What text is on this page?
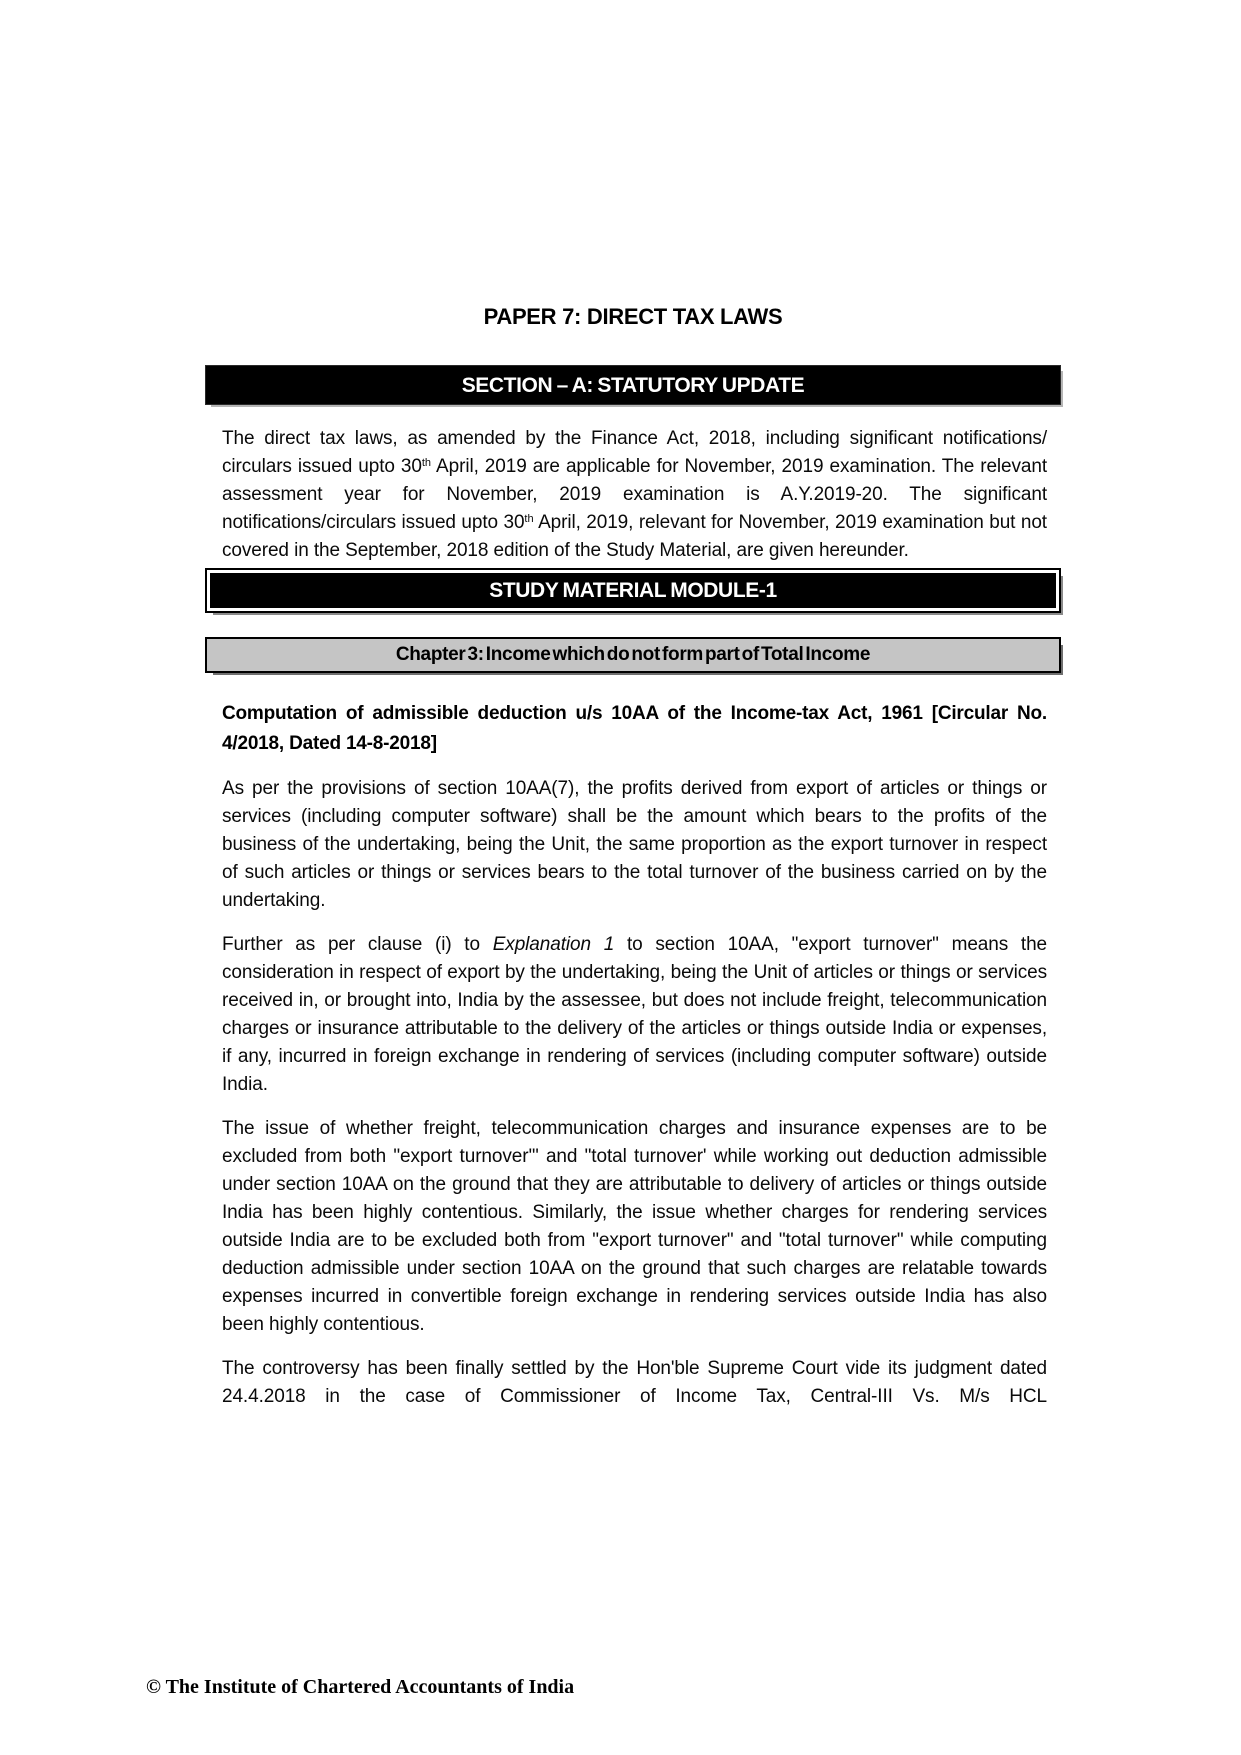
PAPER 7: DIRECT TAX LAWS
SECTION – A: STATUTORY UPDATE

The direct tax laws, as amended by the Finance Act, 2018, including significant notifications/ circulars issued upto 30th April, 2019 are applicable for November, 2019 examination. The relevant assessment year for November, 2019 examination is A.Y.2019-20. The significant notifications/circulars issued upto 30th April, 2019, relevant for November, 2019 examination but not covered in the September, 2018 edition of the Study Material, are given hereunder.

STUDY MATERIAL MODULE-1
Chapter 3: Income which do not form part of Total Income
Computation of admissible deduction u/s 10AA of the Income-tax Act, 1961 [Circular No. 4/2018, Dated 14-8-2018]

As per the provisions of section 10AA(7), the profits derived from export of articles or things or services (including computer software) shall be the amount which bears to the profits of the business of the undertaking, being the Unit, the same proportion as the export turnover in respect of such articles or things or services bears to the total turnover of the business carried on by the undertaking.

Further as per clause (i) to Explanation 1 to section 10AA, "export turnover" means the consideration in respect of export by the undertaking, being the Unit of articles or things or services received in, or brought into, India by the assessee, but does not include freight, telecommunication charges or insurance attributable to the delivery of the articles or things outside India or expenses, if any, incurred in foreign exchange in rendering of services (including computer software) outside India.

The issue of whether freight, telecommunication charges and insurance expenses are to be excluded from both "export turnover'" and "total turnover' while working out deduction admissible under section 10AA on the ground that they are attributable to delivery of articles or things outside India has been highly contentious. Similarly, the issue whether charges for rendering services outside India are to be excluded both from "export turnover" and "total turnover" while computing deduction admissible under section 10AA on the ground that such charges are relatable towards expenses incurred in convertible foreign exchange in rendering services outside India has also been highly contentious.

The controversy has been finally settled by the Hon'ble Supreme Court vide its judgment dated 24.4.2018 in the case of Commissioner of Income Tax, Central-III Vs. M/s HCL

© The Institute of Chartered Accountants of India
